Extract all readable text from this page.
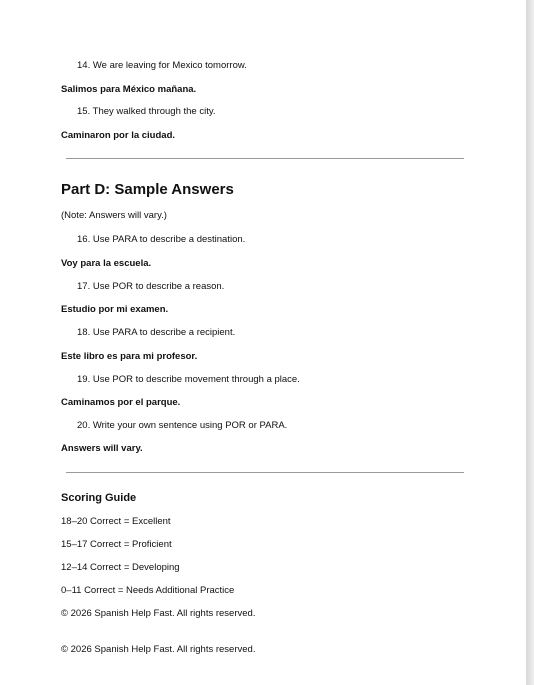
14. We are leaving for Mexico tomorrow.

Salimos para México mañana.

15. They walked through the city.

Caminaron por la ciudad.

Part D: Sample Answers

(Note: Answers will vary.)

16. Use PARA to describe a destination.

Voy para la escuela.

17. Use POR to describe a reason.

Estudio por mi examen.

18. Use PARA to describe a recipient.

Este libro es para mi profesor.

19. Use POR to describe movement through a place.

Caminamos por el parque.

20. Write your own sentence using POR or PARA.

Answers will vary.

Scoring Guide

18–20 Correct = Excellent

15–17 Correct = Proficient

12–14 Correct = Developing

0–11 Correct = Needs Additional Practice

© 2026 Spanish Help Fast. All rights reserved.

© 2026 Spanish Help Fast. All rights reserved.
